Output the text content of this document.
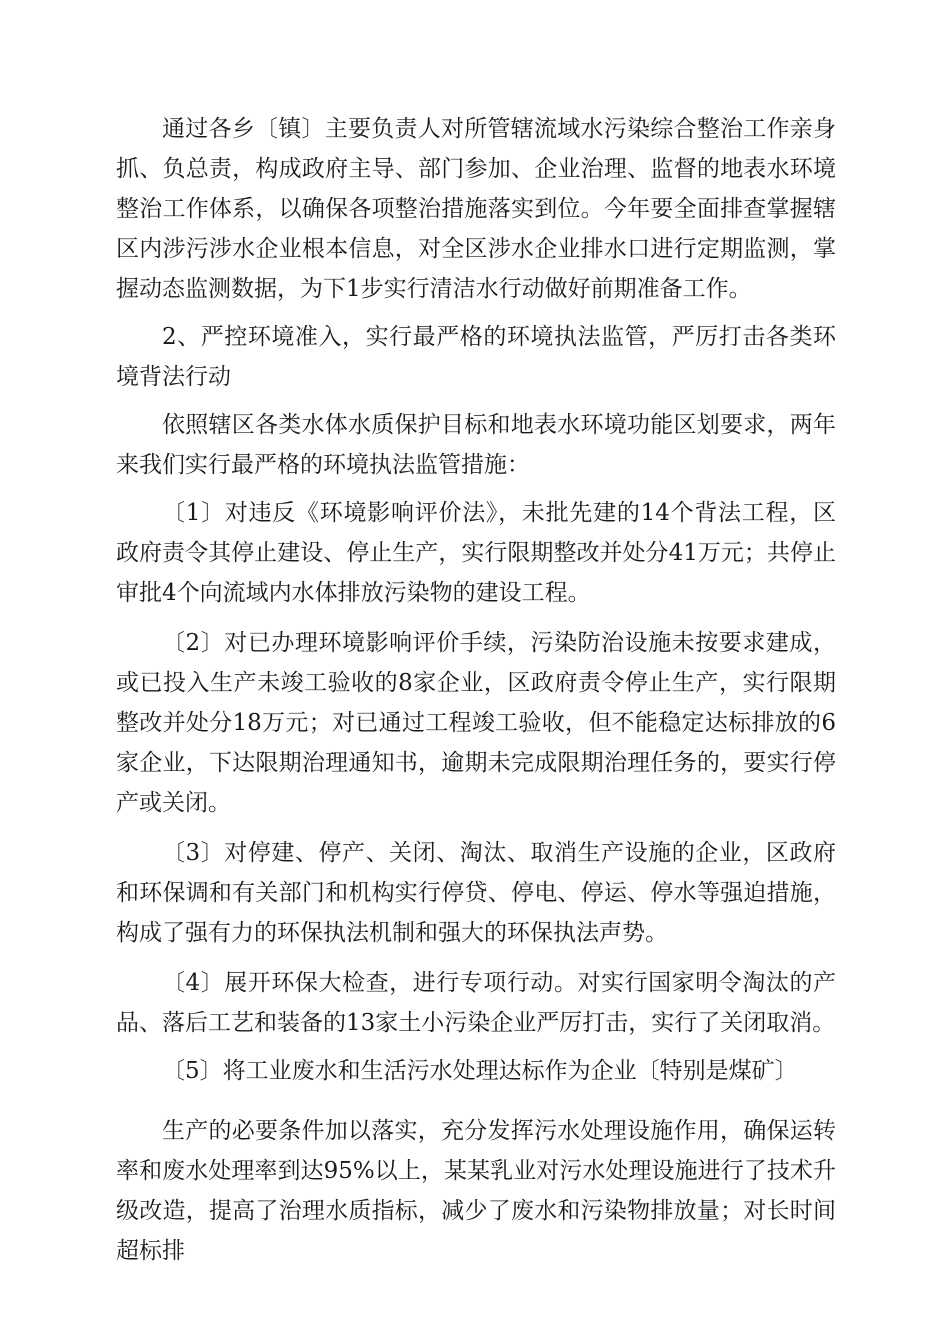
通过各乡〔镇〕主要负责人对所管辖流域水污染综合整治工作亲身抓、负总责，构成政府主导、部门参加、企业治理、监督的地表水环境整治工作体系，以确保各项整治措施落实到位。今年要全面排查掌握辖区内涉污涉水企业根本信息，对全区涉水企业排水口进行定期监测，掌握动态监测数据，为下1步实行清洁水行动做好前期准备工作。

2、严控环境准入，实行最严格的环境执法监管，严厉打击各类环境背法行动

依照辖区各类水体水质保护目标和地表水环境功能区划要求，两年来我们实行最严格的环境执法监管措施：

〔1〕对违反《环境影响评价法》，未批先建的14个背法工程，区政府责令其停止建设、停止生产，实行限期整改并处分41万元；共停止审批4个向流域内水体排放污染物的建设工程。

〔2〕对已办理环境影响评价手续，污染防治设施未按要求建成，或已投入生产未竣工验收的8家企业，区政府责令停止生产，实行限期整改并处分18万元；对已通过工程竣工验收，但不能稳定达标排放的6家企业，下达限期治理通知书，逾期未完成限期治理任务的，要实行停产或关闭。

〔3〕对停建、停产、关闭、淘汰、取消生产设施的企业，区政府和环保调和有关部门和机构实行停贷、停电、停运、停水等强迫措施，构成了强有力的环保执法机制和强大的环保执法声势。

〔4〕展开环保大检查，进行专项行动。对实行国家明令淘汰的产品、落后工艺和装备的13家土小污染企业严厉打击，实行了关闭取消。

〔5〕将工业废水和生活污水处理达标作为企业〔特别是煤矿〕

生产的必要条件加以落实，充分发挥污水处理设施作用，确保运转率和废水处理率到达95%以上，某某乳业对污水处理设施进行了技术升级改造，提高了治理水质指标，减少了废水和污染物排放量；对长时间超标排
